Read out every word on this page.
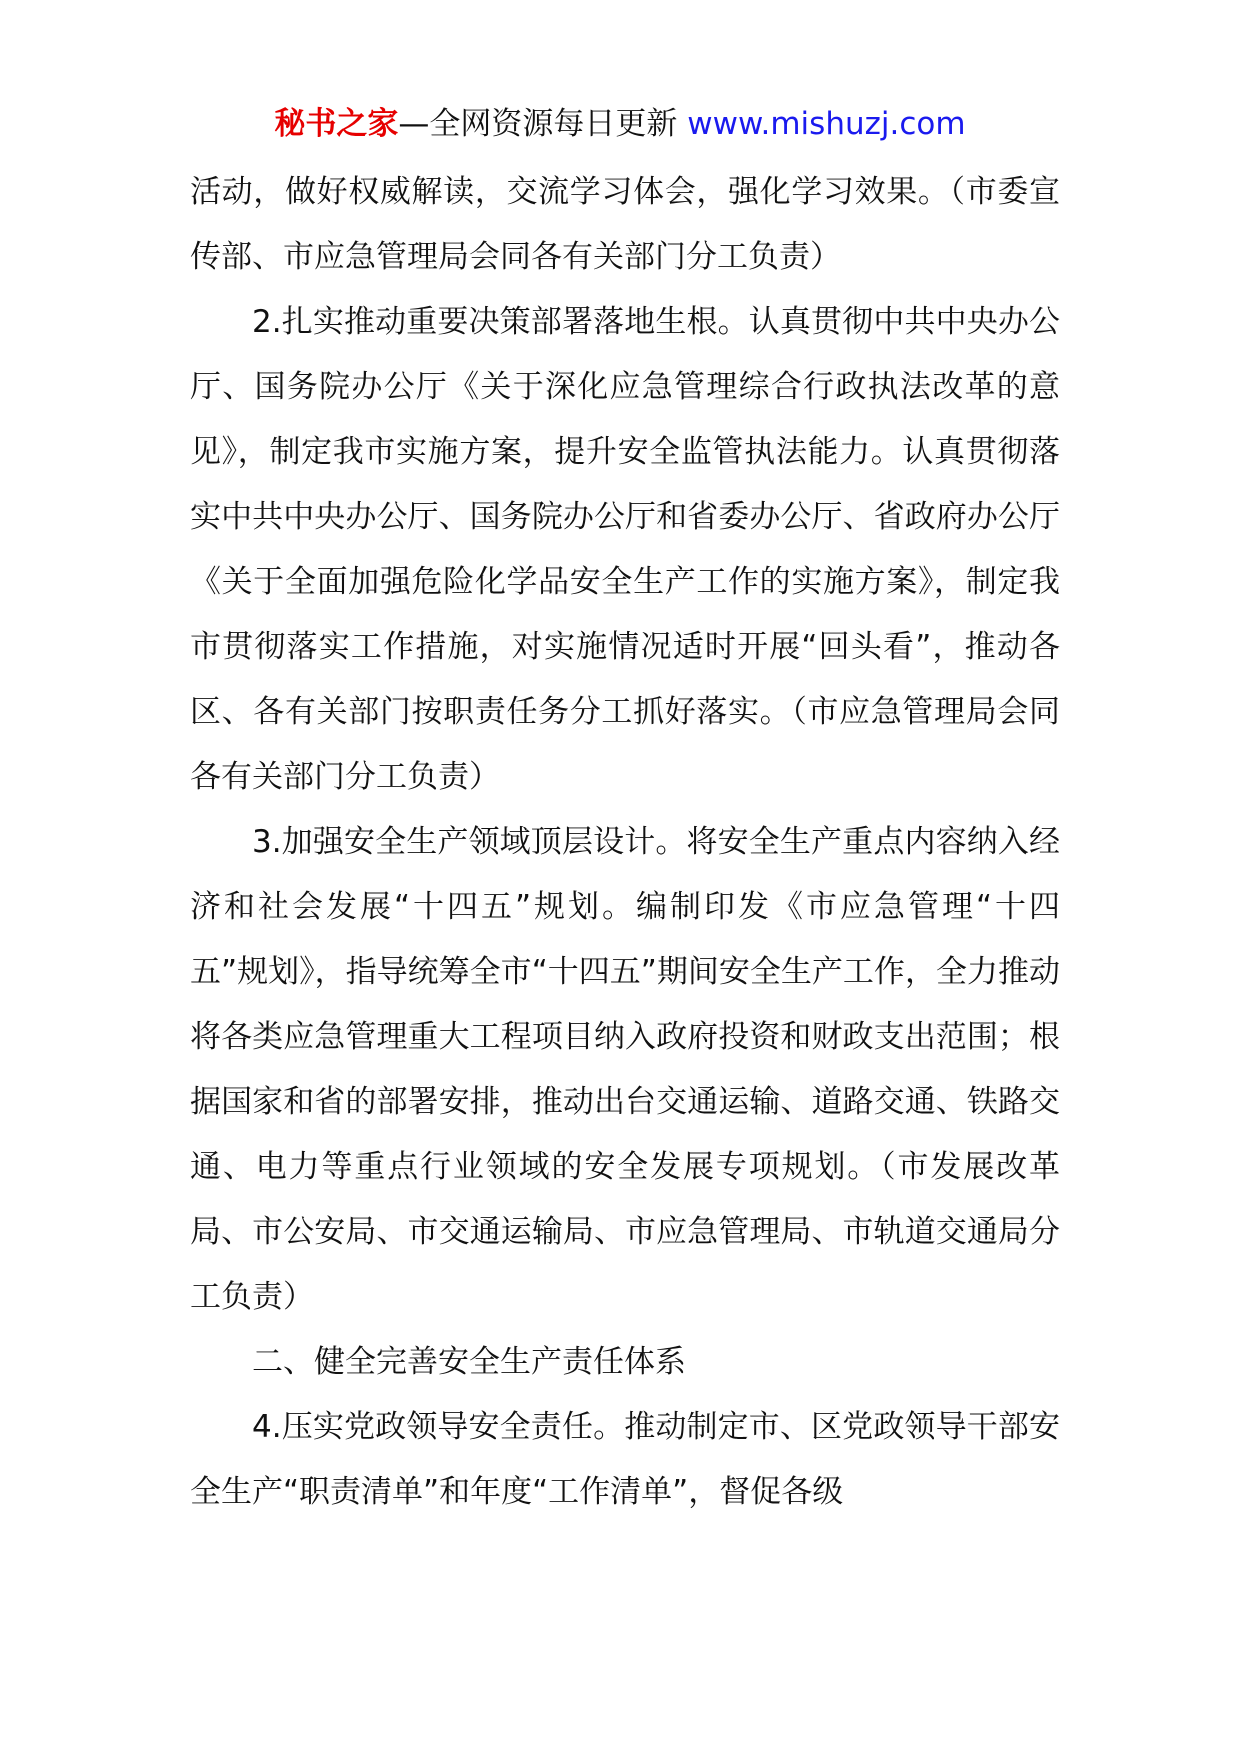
秘书之家—全网资源每日更新 www.mishuzj.com

活动，做好权威解读，交流学习体会，强化学习效果。（市委宣传部、市应急管理局会同各有关部门分工负责）

2.扎实推动重要决策部署落地生根。认真贯彻中共中央办公厅、国务院办公厅《关于深化应急管理综合行政执法改革的意见》，制定我市实施方案，提升安全监管执法能力。认真贯彻落实中共中央办公厅、国务院办公厅和省委办公厅、省政府办公厅《关于全面加强危险化学品安全生产工作的实施方案》，制定我市贯彻落实工作措施，对实施情况适时开展“回头看”，推动各区、各有关部门按职责任务分工抓好落实。（市应急管理局会同各有关部门分工负责）

3.加强安全生产领域顶层设计。将安全生产重点内容纳入经济和社会发展“十四五”规划。编制印发《市应急管理“十四五”规划》，指导统筹全市“十四五”期间安全生产工作，全力推动将各类应急管理重大工程项目纳入政府投资和财政支出范围；根据国家和省的部署安排，推动出台交通运输、道路交通、铁路交通、电力等重点行业领域的安全发展专项规划。（市发展改革局、市公安局、市交通运输局、市应急管理局、市轨道交通局分工负责）

二、健全完善安全生产责任体系

4.压实党政领导安全责任。推动制定市、区党政领导干部安全生产“职责清单”和年度“工作清单”，督促各级
